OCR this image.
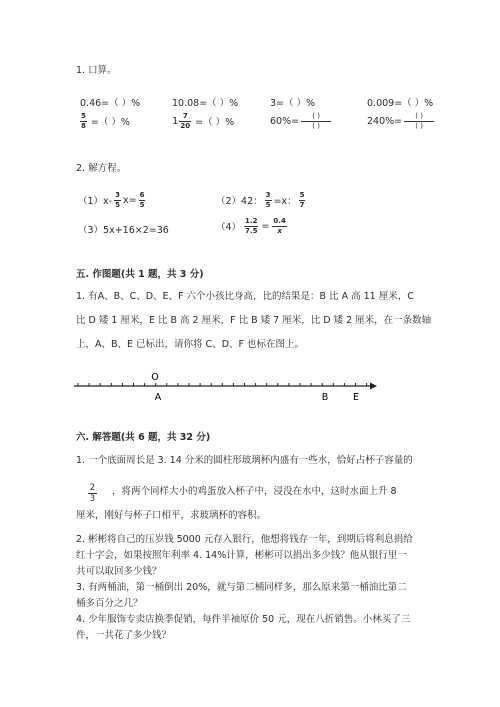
1. 口算。
0.46=（ ）%	10.08=（ ）%	3=（ ）%	0.009=（ ）%
$\frac{5}{8}$ =（ ）%	$1 \frac{7}{20}$ =（ ）%	$60\%= \frac{( )}{( )}$	$240\%= \frac{( )}{( )}$
2. 解方程。
$(1)x- \frac{3}{5} x= \frac{6}{5}$	（2）42： $\frac{3}{5} =x$： $\frac{5}{7}$
（3）5x+16×2=36	$(4) \frac{1.2}{7.5} = \frac{0.4}{x}$
五. 作图题(共 1 题，共 3 分)
1. 有A、B、C、D、E、F 六个小孩比身高，比的结果是：B 比 A 高 11 厘米，C
比 D 矮 1 厘米，E 比 B 高 2 厘米，F 比 B 矮 7 厘米，比 D 矮 2 厘米，在一条数轴
上，A、B、E 已标出，请你将 C、D、F 也标在图上。
O
A	B	E
六. 解答题(共 6 题，共 32 分)
1. 一个底面周长是 3. 14 分米的圆柱形玻璃杯内盛有一些水，恰好占杯子容量的
$\frac{2}{3}$ ，将两个同样大小的鸡蛋放入杯子中，浸没在水中，这时水面上升 8
厘米，刚好与杯子口相平，求玻璃杯的容积。
2. 彬彬将自己的压岁钱 5000 元存入银行，他想将钱存一年，到期后将利息捐给
红十字会，如果按照年利率 4. 14%计算，彬彬可以捐出多少钱？他从银行里一
共可以取回多少钱？
3. 有两桶油，第一桶倒出 20%，就与第二桶同样多，那么原来第一桶油比第二
桶多百分之几？
4. 少年服饰专卖店换季促销，每件半袖原价 50 元，现在八折销售。小林买了三
件，一共花了多少钱？
